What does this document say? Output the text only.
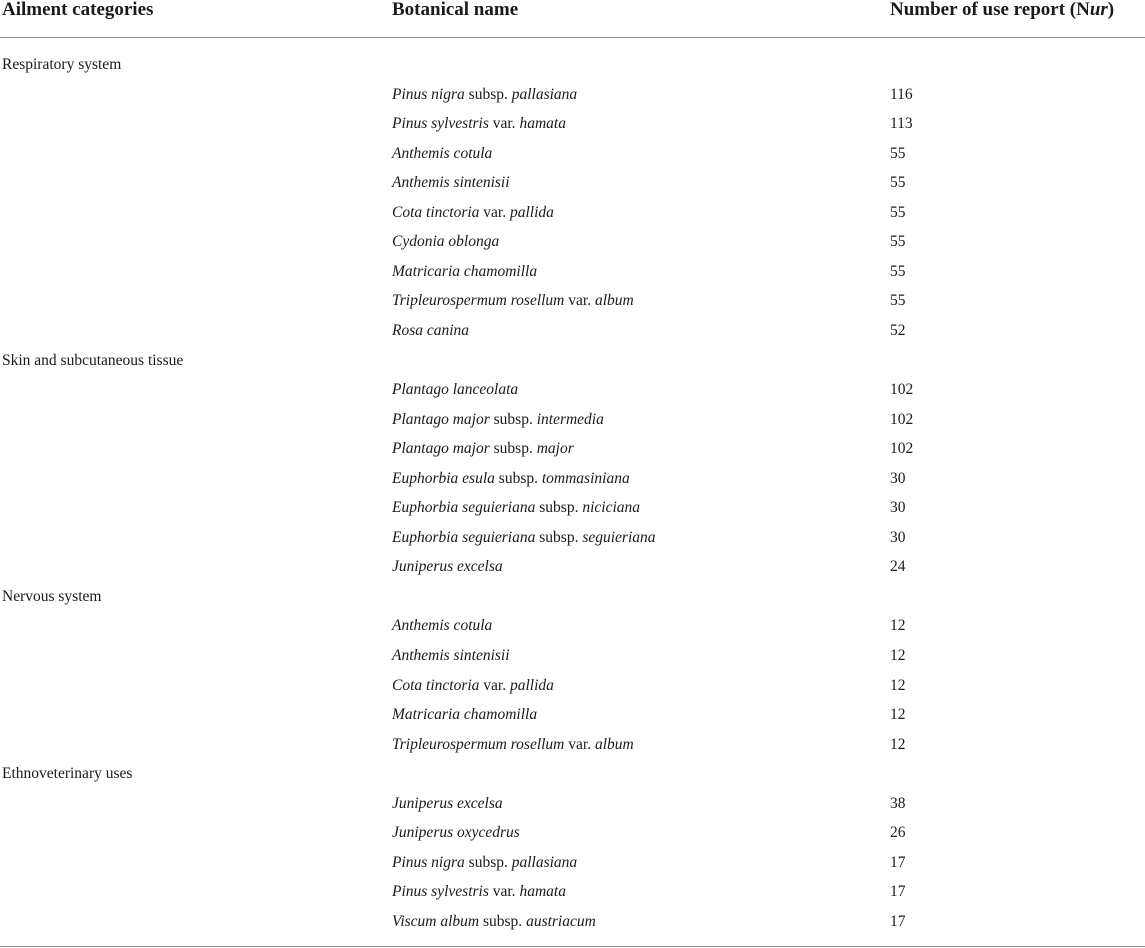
Ailment categories	Botanical name	Number of use report (Nur)
Respiratory system
Pinus nigra subsp. pallasiana	116
Pinus sylvestris var. hamata	113
Anthemis cotula	55
Anthemis sintenisii	55
Cota tinctoria var. pallida	55
Cydonia oblonga	55
Matricaria chamomilla	55
Tripleurospermum rosellum var. album	55
Rosa canina	52
Skin and subcutaneous tissue
Plantago lanceolata	102
Plantago major subsp. intermedia	102
Plantago major subsp. major	102
Euphorbia esula subsp. tommasiniana	30
Euphorbia seguieriana subsp. niciciana	30
Euphorbia seguieriana subsp. seguieriana	30
Juniperus excelsa	24
Nervous system
Anthemis cotula	12
Anthemis sintenisii	12
Cota tinctoria var. pallida	12
Matricaria chamomilla	12
Tripleurospermum rosellum var. album	12
Ethnoveterinary uses
Juniperus excelsa	38
Juniperus oxycedrus	26
Pinus nigra subsp. pallasiana	17
Pinus sylvestris var. hamata	17
Viscum album subsp. austriacum	17
